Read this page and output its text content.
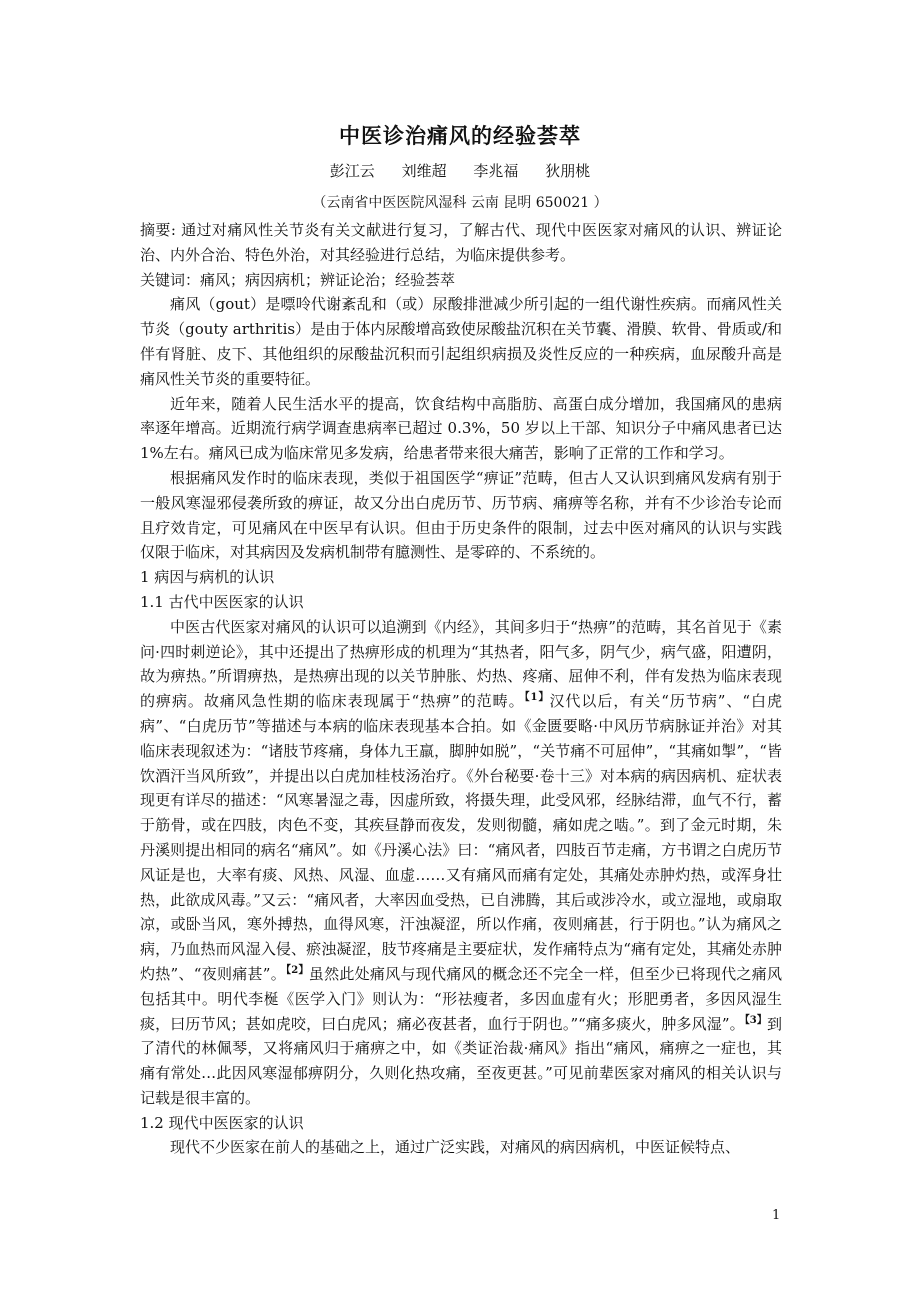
中医诊治痛风的经验荟萃
彭江云 刘维超 李兆福 狄朋桃
（云南省中医医院风湿科 云南 昆明 650021 ）

摘要: 通过对痛风性关节炎有关文献进行复习，了解古代、现代中医医家对痛风的认识、辨证论治、内外合治、特色外治，对其经验进行总结，为临床提供参考。

关键词：痛风；病因病机；辨证论治；经验荟萃

痛风（gout）是嘌呤代谢紊乱和（或）尿酸排泄减少所引起的一组代谢性疾病。而痛风性关节炎（gouty arthritis）是由于体内尿酸增高致使尿酸盐沉积在关节囊、滑膜、软骨、骨质或/和伴有肾脏、皮下、其他组织的尿酸盐沉积而引起组织病损及炎性反应的一种疾病，血尿酸升高是痛风性关节炎的重要特征。

近年来，随着人民生活水平的提高，饮食结构中高脂肪、高蛋白成分增加，我国痛风的患病率逐年增高。近期流行病学调查患病率已超过 0.3%，50 岁以上干部、知识分子中痛风患者已达 1%左右。痛风已成为临床常见多发病，给患者带来很大痛苦，影响了正常的工作和学习。

根据痛风发作时的临床表现，类似于祖国医学“痹证”范畴，但古人又认识到痛风发病有别于一般风寒湿邪侵袭所致的痹证，故又分出白虎历节、历节病、痛痹等名称，并有不少诊治专论而且疗效肯定，可见痛风在中医早有认识。但由于历史条件的限制，过去中医对痛风的认识与实践仅限于临床，对其病因及发病机制带有臆测性、是零碎的、不系统的。

1 病因与病机的认识

1.1 古代中医医家的认识

中医古代医家对痛风的认识可以追溯到《内经》，其间多归于“热痹”的范畴，其名首见于《素问·四时刺逆论》，其中还提出了热痹形成的机理为“其热者，阳气多，阴气少，病气盛，阳遭阴，故为痹热。”所谓痹热，是热痹出现的以关节肿胀、灼热、疼痛、屈伸不利，伴有发热为临床表现的痹病。故痛风急性期的临床表现属于“热痹”的范畴。$^{【1】}$汉代以后，有关“历节病”、“白虎病”、“白虎历节”等描述与本病的临床表现基本合拍。如《金匮要略·中风历节病脉证并治》对其临床表现叙述为：“诸肢节疼痛，身体九王羸，脚肿如脱”，“关节痛不可屈伸”，“其痛如掣”，“皆饮酒汗当风所致”，并提出以白虎加桂枝汤治疗。《外台秘要·卷十三》对本病的病因病机、症状表现更有详尽的描述：“风寒暑湿之毒，因虚所致，将摄失理，此受风邪，经脉结滞，血气不行，蓄于筋骨，或在四肢，肉色不变，其疾昼静而夜发，发则彻髓，痛如虎之啮。”。到了金元时期，朱丹溪则提出相同的病名“痛风”。如《丹溪心法》曰：“痛风者，四肢百节走痛，方书谓之白虎历节风证是也，大率有痰、风热、风湿、血虚……又有痛风而痛有定处，其痛处赤肿灼热，或浑身壮热，此欲成风毒。”又云：“痛风者，大率因血受热，已自沸腾，其后或涉冷水，或立湿地，或扇取凉，或卧当风，寒外搏热，血得风寒，汗浊凝涩，所以作痛，夜则痛甚，行于阴也。”认为痛风之病，乃血热而风湿入侵、瘀浊凝涩，肢节疼痛是主要症状，发作痛特点为“痛有定处，其痛处赤肿灼热”、“夜则痛甚”。$^{【2】}$虽然此处痛风与现代痛风的概念还不完全一样，但至少已将现代之痛风包括其中。明代李梴《医学入门》则认为：“形祛瘦者，多因血虚有火；形肥勇者，多因风湿生痰，曰历节风；甚如虎咬，曰白虎风；痛必夜甚者，血行于阴也。”“痛多痰火，肿多风湿”。$^{【3】}$到了清代的林佩琴，又将痛风归于痛痹之中，如《类证治裁·痛风》指出“痛风，痛痹之一症也，其痛有常处…此因风寒湿郁痹阴分，久则化热攻痛，至夜更甚。”可见前辈医家对痛风的相关认识与记载是很丰富的。

1.2 现代中医医家的认识

现代不少医家在前人的基础之上，通过广泛实践，对痛风的病因病机，中医证候特点、

1
